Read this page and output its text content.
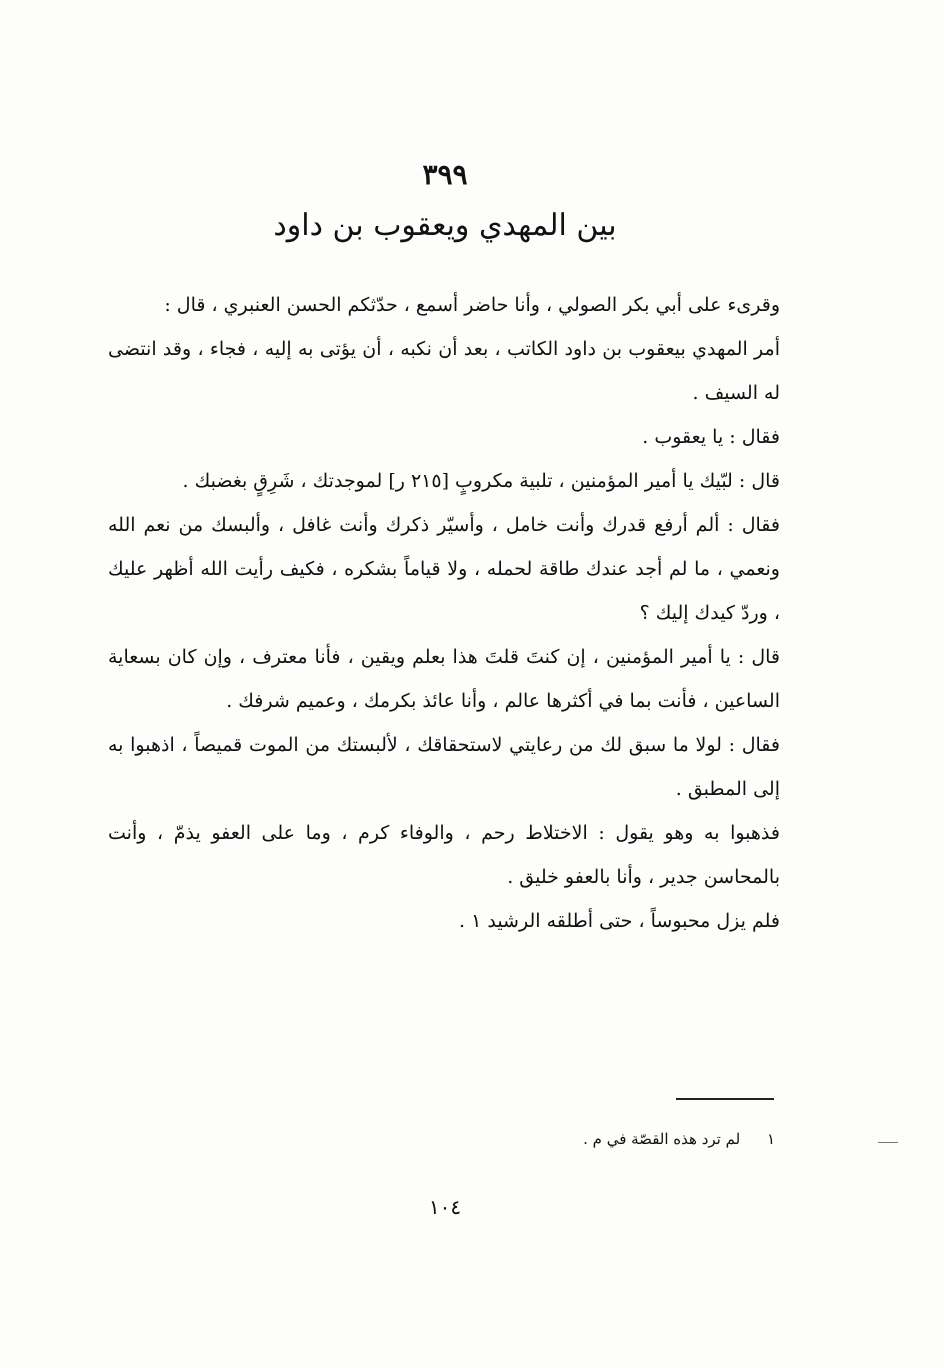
٣٩٩
بين المهدي ويعقوب بن داود

وقرىء على أبي بكر الصولي ، وأنا حاضر أسمع ، حدّثكم الحسن العنبري ، قال :

أمر المهدي بيعقوب بن داود الكاتب ، بعد أن نكبه ، أن يؤتى به إليه ، فجاء ، وقد انتضى له السيف .

فقال : يا يعقوب .

قال : لبّيك يا أمير المؤمنين ، تلبية مكروبٍ [٢١٥ ر] لموجدتك ، شَرِقٍ بغضبك .

فقال : ألم أرفع قدرك وأنت خامل ، وأسيّر ذكرك وأنت غافل ، وألبسك من نعم الله ونعمي ، ما لم أجد عندك طاقة لحمله ، ولا قياماً بشكره ، فكيف رأيت الله أظهر عليك ، وردّ كيدك إليك ؟

قال : يا أمير المؤمنين ، إن كنتَ قلتَ هذا بعلم ويقين ، فأنا معترف ، وإن كان بسعاية الساعين ، فأنت بما في أكثرها عالم ، وأنا عائذ بكرمك ، وعميم شرفك .

فقال : لولا ما سبق لك من رعايتي لاستحقاقك ، لألبستك من الموت قميصاً ، اذهبوا به إلى المطبق .

فذهبوا به وهو يقول : الاختلاط رحم ، والوفاء كرم ، وما على العفو يذمّ ، وأنت بالمحاسن جدير ، وأنا بالعفو خليق .

فلم يزل محبوساً ، حتى أطلقه الرشيد ١ .

١ لم ترد هذه القصّة في م .
١٠٤
